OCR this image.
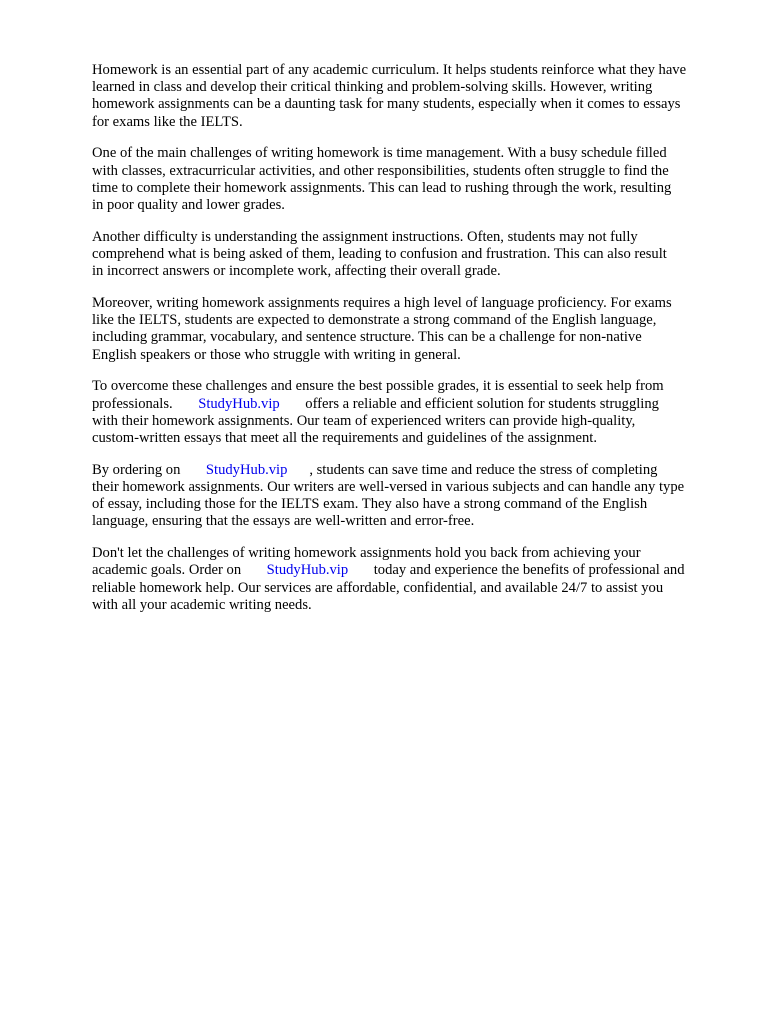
Homework is an essential part of any academic curriculum. It helps students reinforce what they have
learned in class and develop their critical thinking and problem-solving skills. However, writing
homework assignments can be a daunting task for many students, especially when it comes to essays
for exams like the IELTS.

One of the main challenges of writing homework is time management. With a busy schedule filled
with classes, extracurricular activities, and other responsibilities, students often struggle to find the
time to complete their homework assignments. This can lead to rushing through the work, resulting
in poor quality and lower grades.

Another difficulty is understanding the assignment instructions. Often, students may not fully
comprehend what is being asked of them, leading to confusion and frustration. This can also result
in incorrect answers or incomplete work, affecting their overall grade.

Moreover, writing homework assignments requires a high level of language proficiency. For exams
like the IELTS, students are expected to demonstrate a strong command of the English language,
including grammar, vocabulary, and sentence structure. This can be a challenge for non-native
English speakers or those who struggle with writing in general.

To overcome these challenges and ensure the best possible grades, it is essential to seek help from
professionals. StudyHub.vip offers a reliable and efficient solution for students struggling
with their homework assignments. Our team of experienced writers can provide high-quality,
custom-written essays that meet all the requirements and guidelines of the assignment.

By ordering on StudyHub.vip , students can save time and reduce the stress of completing
their homework assignments. Our writers are well-versed in various subjects and can handle any type
of essay, including those for the IELTS exam. They also have a strong command of the English
language, ensuring that the essays are well-written and error-free.

Don't let the challenges of writing homework assignments hold you back from achieving your
academic goals. Order on StudyHub.vip today and experience the benefits of professional and
reliable homework help. Our services are affordable, confidential, and available 24/7 to assist you
with all your academic writing needs.
